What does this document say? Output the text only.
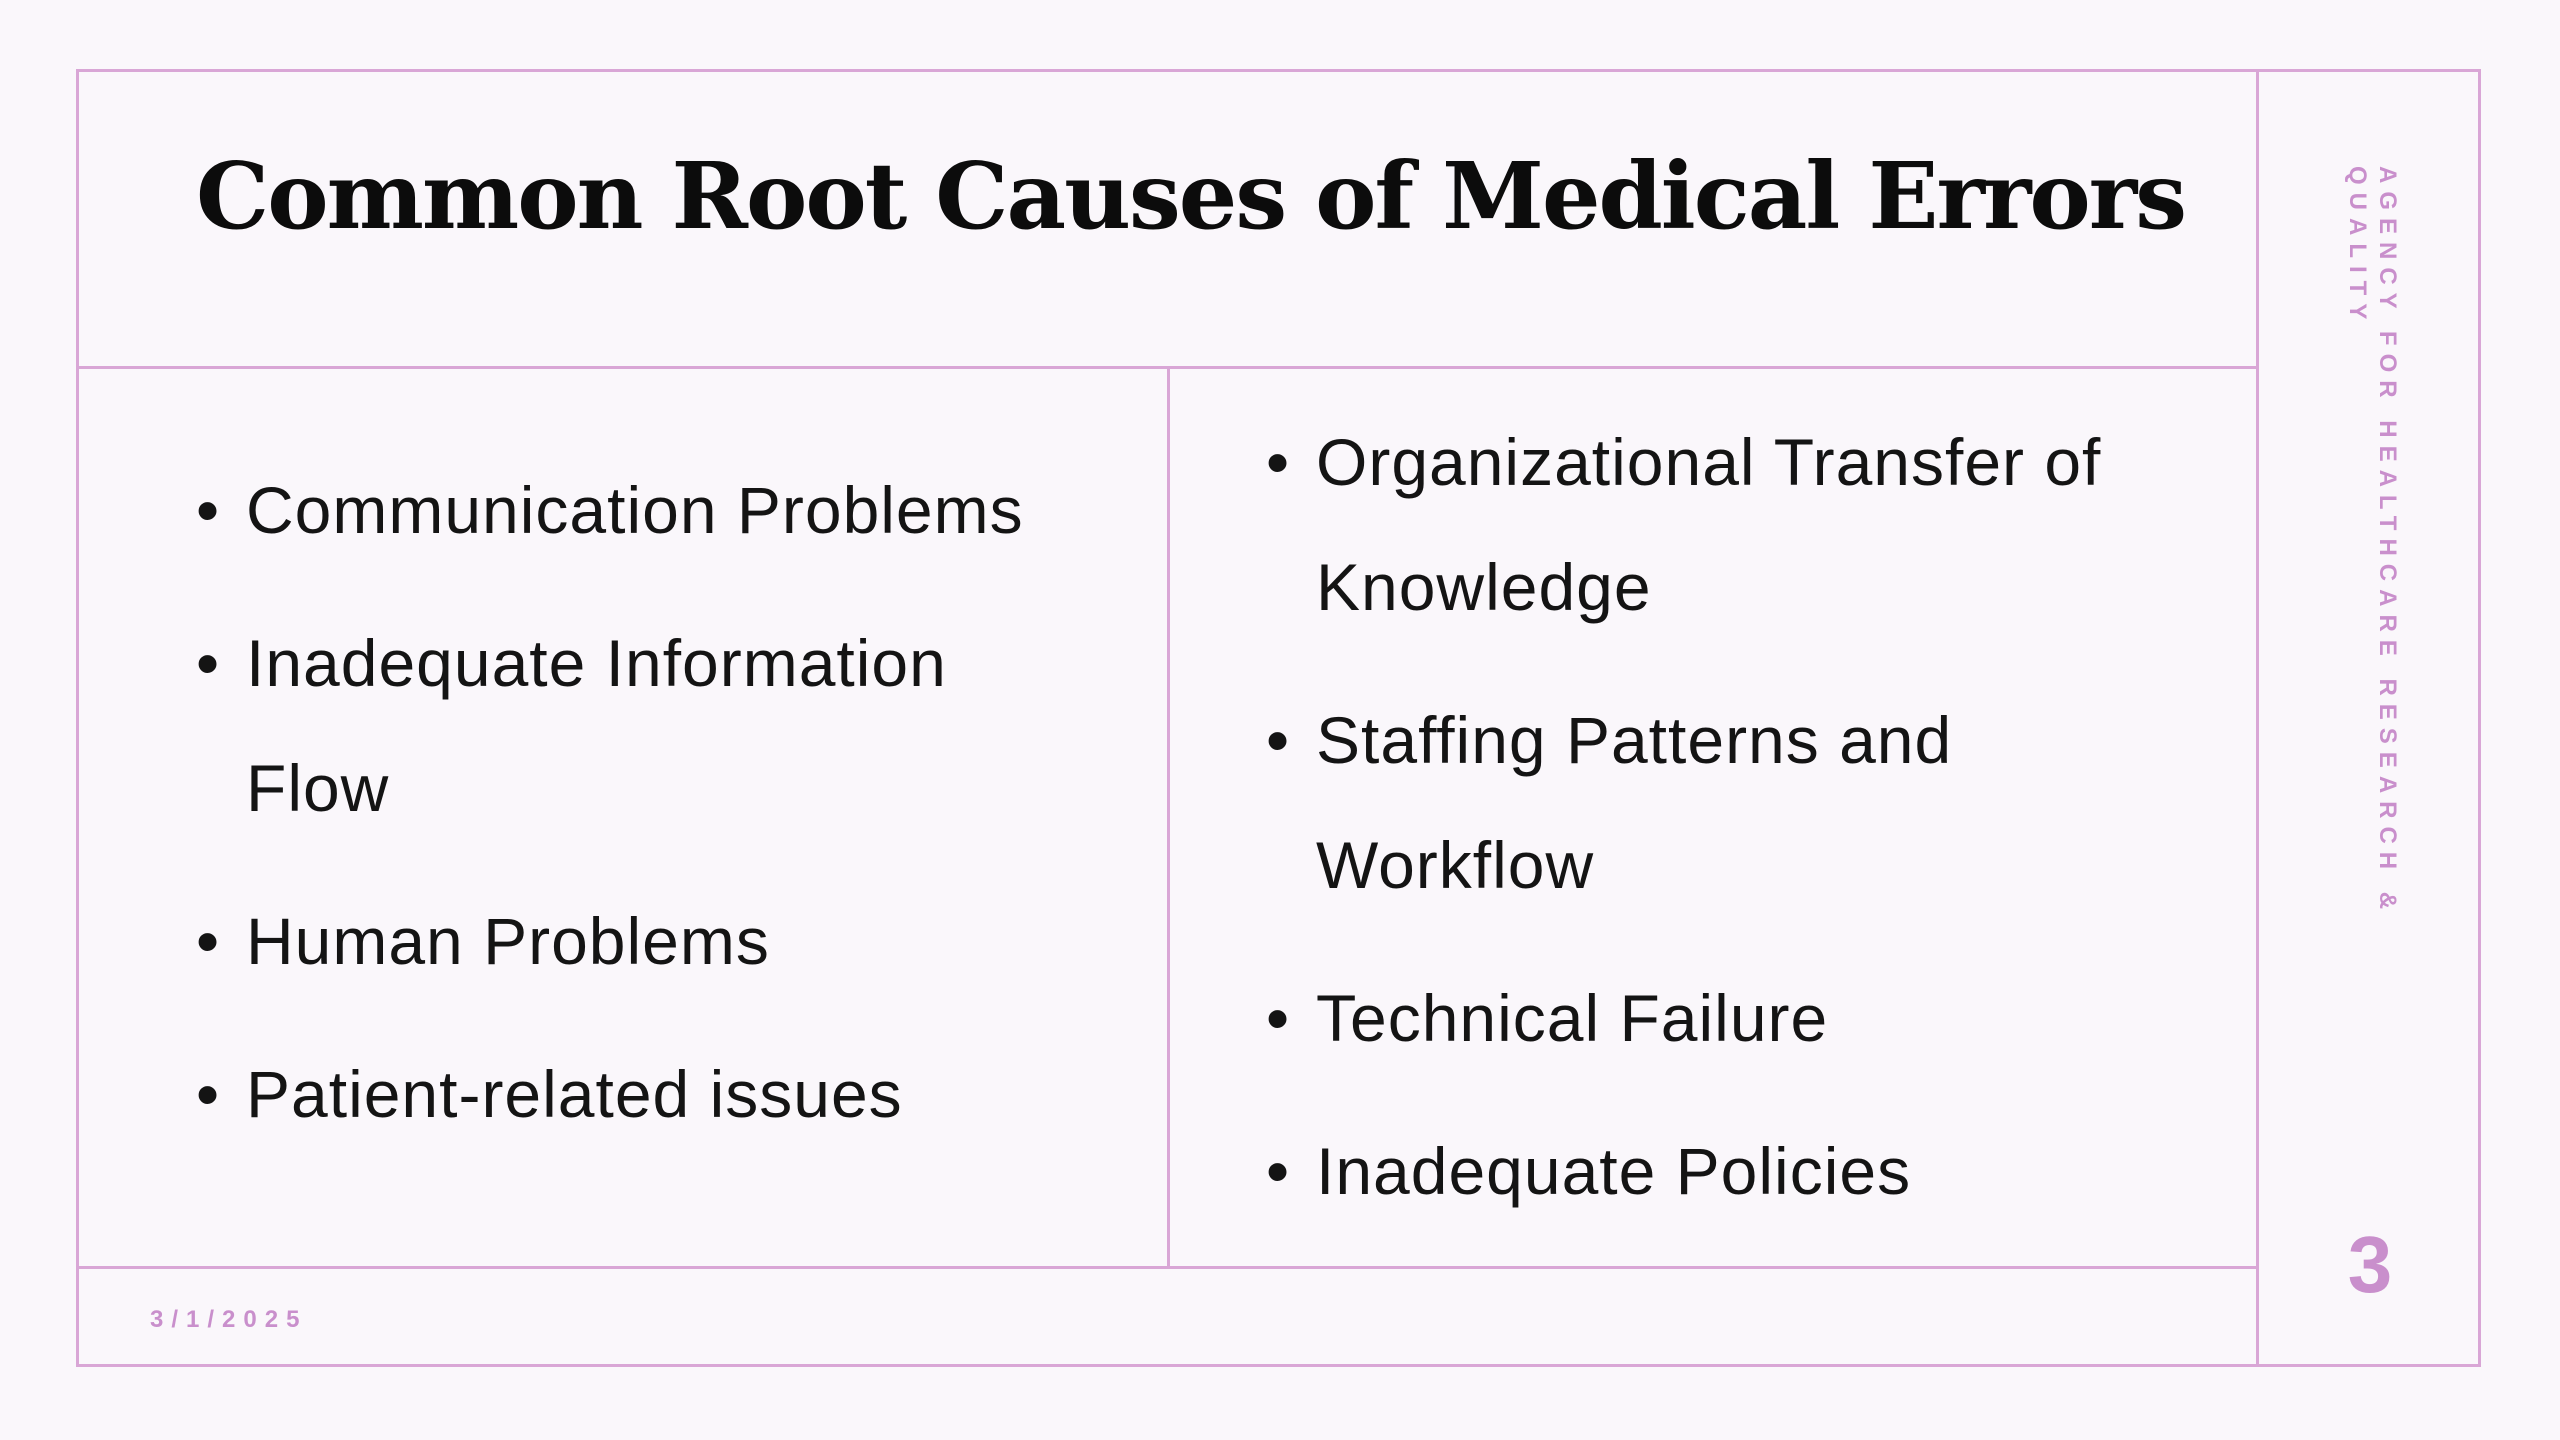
Common Root Causes of Medical Errors
• Communication Problems
• Inadequate Information Flow
• Human Problems
• Patient-related issues
• Organizational Transfer of Knowledge
• Staffing Patterns and Workflow
• Technical Failure
• Inadequate Policies
AGENCY FOR HEALTHCARE RESEARCH & QUALITY
3
3/1/2025
